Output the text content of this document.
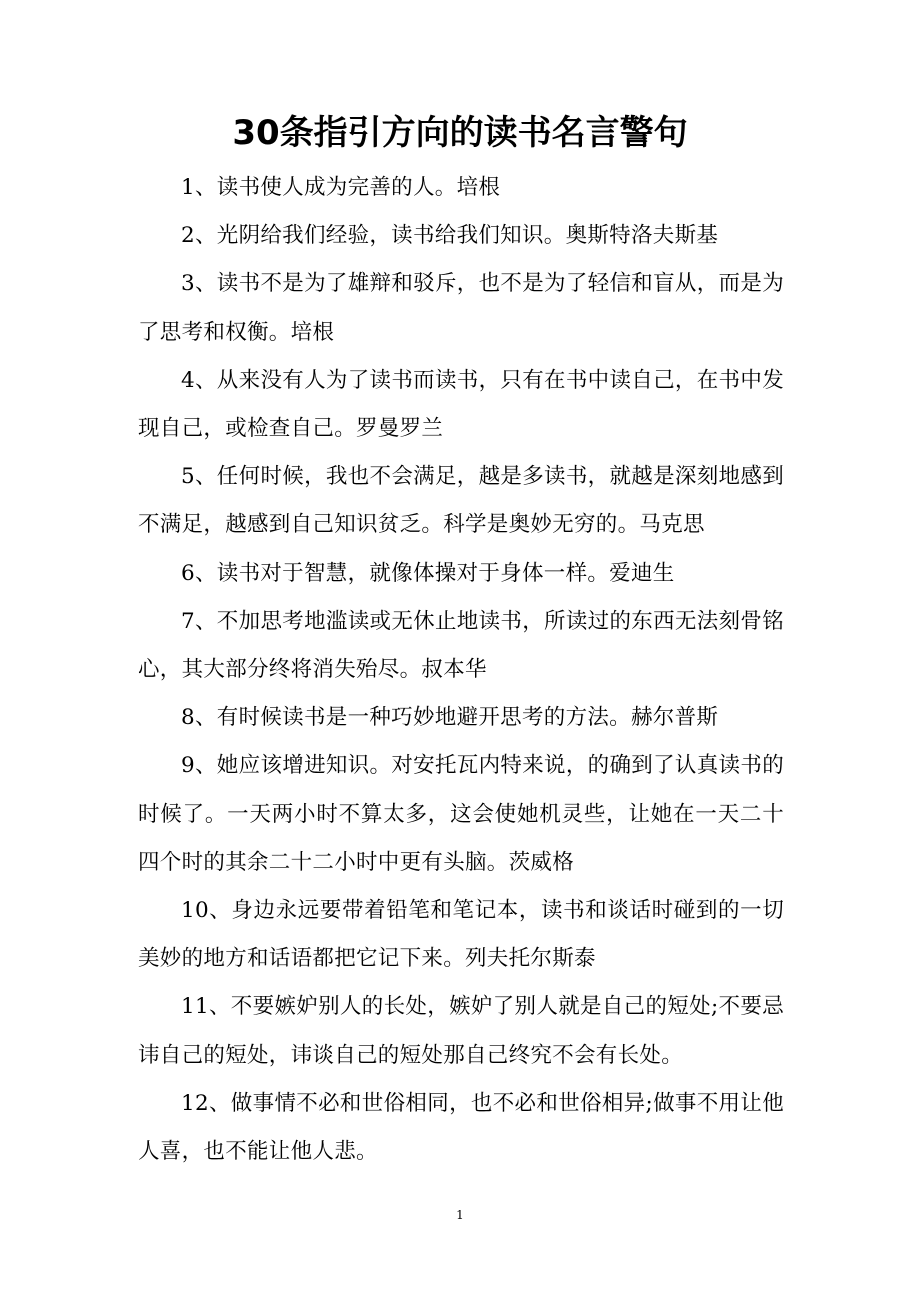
30条指引方向的读书名言警句

1、读书使人成为完善的人。培根

2、光阴给我们经验，读书给我们知识。奥斯特洛夫斯基

3、读书不是为了雄辩和驳斥，也不是为了轻信和盲从，而是为了思考和权衡。培根

4、从来没有人为了读书而读书，只有在书中读自己，在书中发现自己，或检查自己。罗曼罗兰

5、任何时候，我也不会满足，越是多读书，就越是深刻地感到不满足，越感到自己知识贫乏。科学是奥妙无穷的。马克思

6、读书对于智慧，就像体操对于身体一样。爱迪生

7、不加思考地滥读或无休止地读书，所读过的东西无法刻骨铭心，其大部分终将消失殆尽。叔本华

8、有时候读书是一种巧妙地避开思考的方法。赫尔普斯

9、她应该增进知识。对安托瓦内特来说，的确到了认真读书的时候了。一天两小时不算太多，这会使她机灵些，让她在一天二十四个时的其余二十二小时中更有头脑。茨威格

10、身边永远要带着铅笔和笔记本，读书和谈话时碰到的一切美妙的地方和话语都把它记下来。列夫托尔斯泰

11、不要嫉妒别人的长处，嫉妒了别人就是自己的短处;不要忌讳自己的短处，讳谈自己的短处那自己终究不会有长处。

12、做事情不必和世俗相同，也不必和世俗相异;做事不用让他人喜，也不能让他人悲。

1
